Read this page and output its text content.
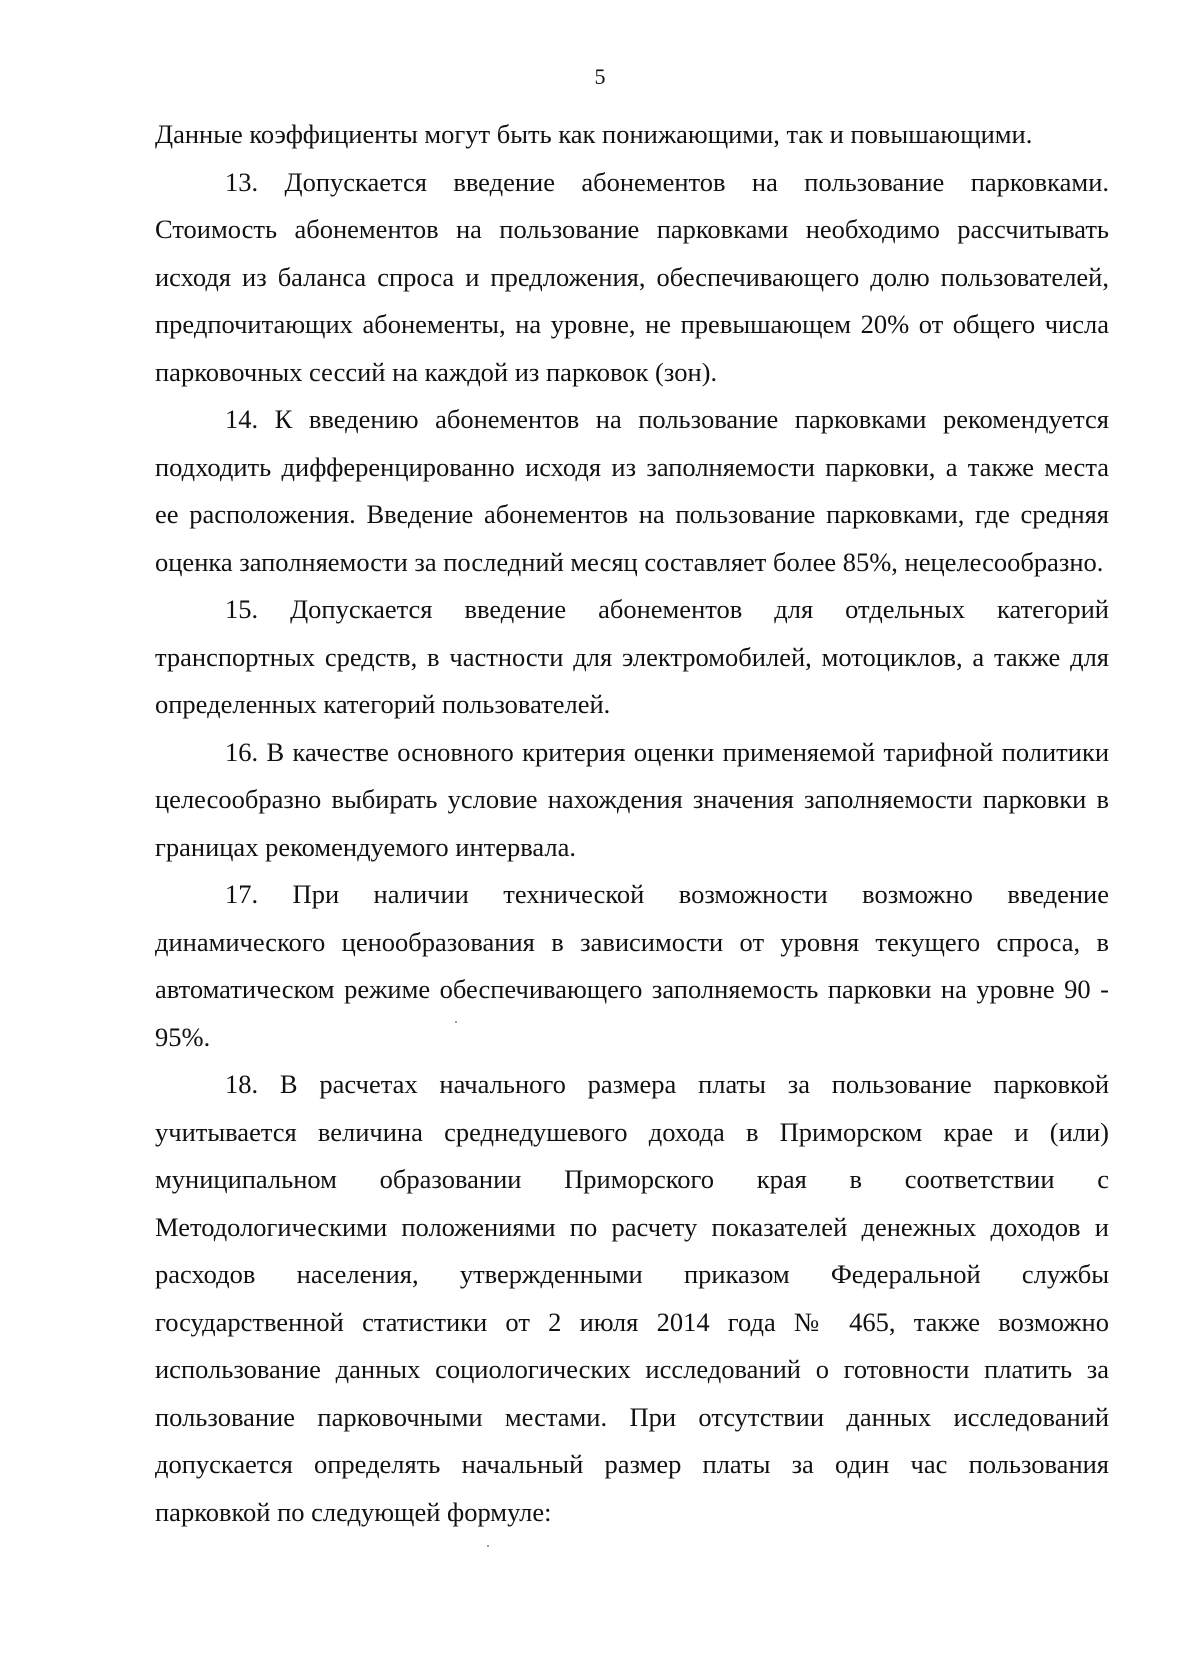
5

Данные коэффициенты могут быть как понижающими, так и повышающими.

13. Допускается введение абонементов на пользование парковками. Стоимость абонементов на пользование парковками необходимо рассчитывать исходя из баланса спроса и предложения, обеспечивающего долю пользователей, предпочитающих абонементы, на уровне, не превышающем 20% от общего числа парковочных сессий на каждой из парковок (зон).

14. К введению абонементов на пользование парковками рекомендуется подходить дифференцированно исходя из заполняемости парковки, а также места ее расположения. Введение абонементов на пользование парковками, где средняя оценка заполняемости за последний месяц составляет более 85%, нецелесообразно.

15. Допускается введение абонементов для отдельных категорий транспортных средств, в частности для электромобилей, мотоциклов, а также для определенных категорий пользователей.

16. В качестве основного критерия оценки применяемой тарифной политики целесообразно выбирать условие нахождения значения заполняемости парковки в границах рекомендуемого интервала.

17. При наличии технической возможности возможно введение динамического ценообразования в зависимости от уровня текущего спроса, в автоматическом режиме обеспечивающего заполняемость парковки на уровне 90 - 95%.

18. В расчетах начального размера платы за пользование парковкой учитывается величина среднедушевого дохода в Приморском крае и (или) муниципальном образовании Приморского края в соответствии с Методологическими положениями по расчету показателей денежных доходов и расходов населения, утвержденными приказом Федеральной службы государственной статистики от 2 июля 2014 года № 465, также возможно использование данных социологических исследований о готовности платить за пользование парковочными местами. При отсутствии данных исследований допускается определять начальный размер платы за один час пользования парковкой по следующей формуле:
